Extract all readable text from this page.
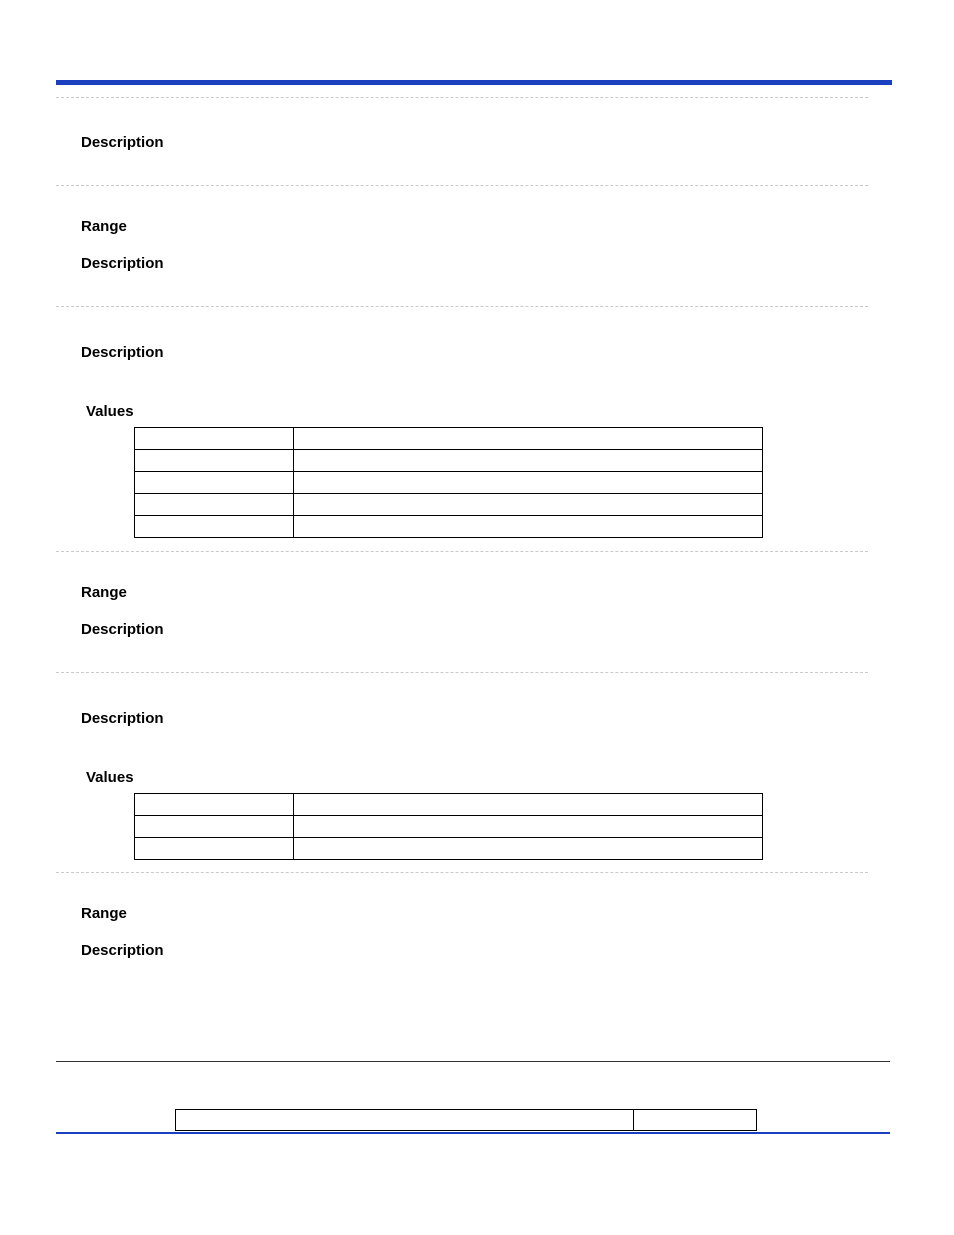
Description
Range
Description
Description
Values

Range
Description
Description
Values

Range
Description
